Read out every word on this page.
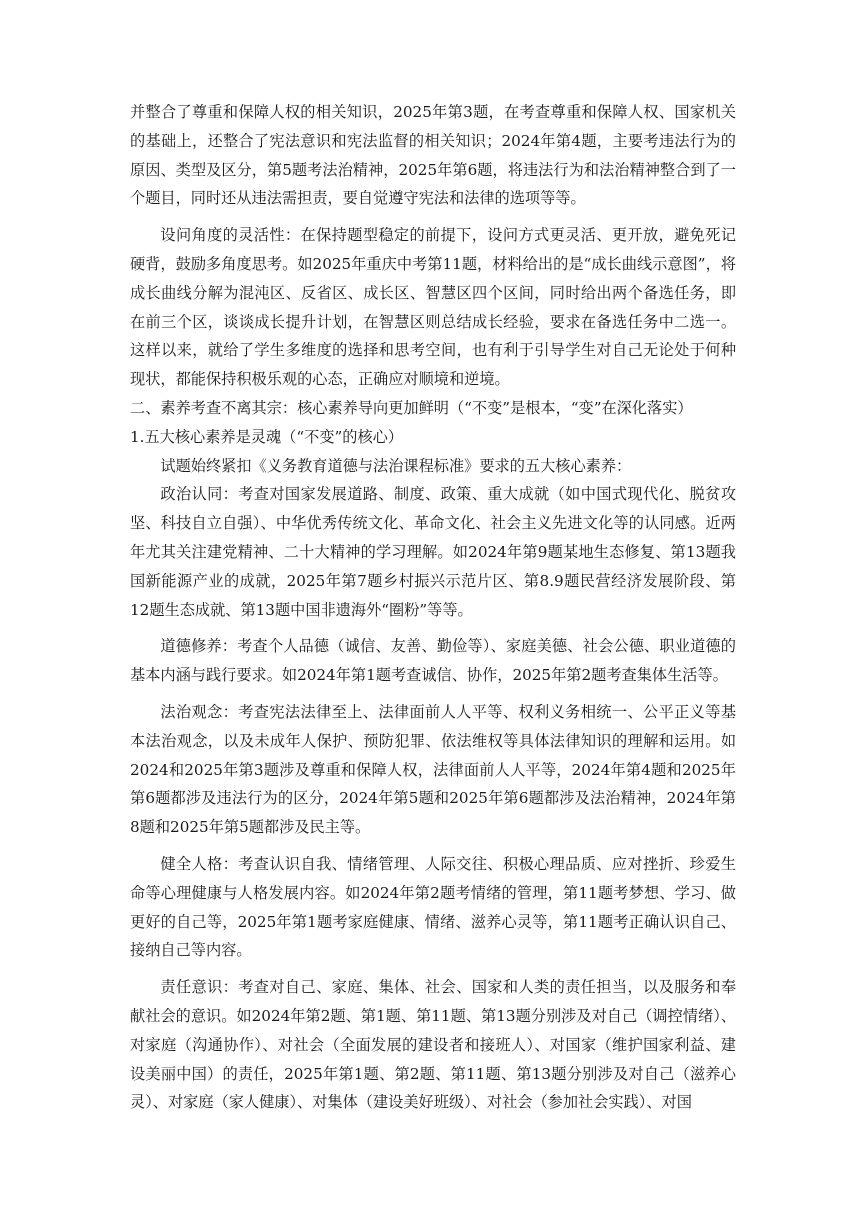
并整合了尊重和保障人权的相关知识，2025年第3题，在考查尊重和保障人权、国家机关的基础上，还整合了宪法意识和宪法监督的相关知识；2024年第4题，主要考违法行为的原因、类型及区分，第5题考法治精神，2025年第6题，将违法行为和法治精神整合到了一个题目，同时还从违法需担责，要自觉遵守宪法和法律的选项等等。

设问角度的灵活性：在保持题型稳定的前提下，设问方式更灵活、更开放，避免死记硬背，鼓励多角度思考。如2025年重庆中考第11题，材料给出的是“成长曲线示意图”，将成长曲线分解为混沌区、反省区、成长区、智慧区四个区间，同时给出两个备选任务，即在前三个区，谈谈成长提升计划，在智慧区则总结成长经验，要求在备选任务中二选一。这样以来，就给了学生多维度的选择和思考空间，也有利于引导学生对自己无论处于何种现状，都能保持积极乐观的心态，正确应对顺境和逆境。

二、素养考查不离其宗：核心素养导向更加鲜明（“不变”是根本，“变”在深化落实）

1.五大核心素养是灵魂（“不变”的核心）

试题始终紧扣《义务教育道德与法治课程标准》要求的五大核心素养：

政治认同：考查对国家发展道路、制度、政策、重大成就（如中国式现代化、脱贫攻坚、科技自立自强）、中华优秀传统文化、革命文化、社会主义先进文化等的认同感。近两年尤其关注建党精神、二十大精神的学习理解。如2024年第9题某地生态修复、第13题我国新能源产业的成就，2025年第7题乡村振兴示范片区、第8.9题民营经济发展阶段、第12题生态成就、第13题中国非遗海外“圈粉”等等。

道德修养：考查个人品德（诚信、友善、勤俭等）、家庭美德、社会公德、职业道德的基本内涵与践行要求。如2024年第1题考查诚信、协作，2025年第2题考查集体生活等。

法治观念：考查宪法法律至上、法律面前人人平等、权利义务相统一、公平正义等基本法治观念，以及未成年人保护、预防犯罪、依法维权等具体法律知识的理解和运用。如2024和2025年第3题涉及尊重和保障人权，法律面前人人平等，2024年第4题和2025年第6题都涉及违法行为的区分，2024年第5题和2025年第6题都涉及法治精神，2024年第8题和2025年第5题都涉及民主等。

健全人格：考查认识自我、情绪管理、人际交往、积极心理品质、应对挫折、珍爱生命等心理健康与人格发展内容。如2024年第2题考情绪的管理，第11题考梦想、学习、做更好的自己等，2025年第1题考家庭健康、情绪、滋养心灵等，第11题考正确认识自己、接纳自己等内容。

责任意识：考查对自己、家庭、集体、社会、国家和人类的责任担当，以及服务和奉献社会的意识。如2024年第2题、第1题、第11题、第13题分别涉及对自己（调控情绪）、对家庭（沟通协作）、对社会（全面发展的建设者和接班人）、对国家（维护国家利益、建设美丽中国）的责任，2025年第1题、第2题、第11题、第13题分别涉及对自己（滋养心灵）、对家庭（家人健康）、对集体（建设美好班级）、对社会（参加社会实践）、对国
